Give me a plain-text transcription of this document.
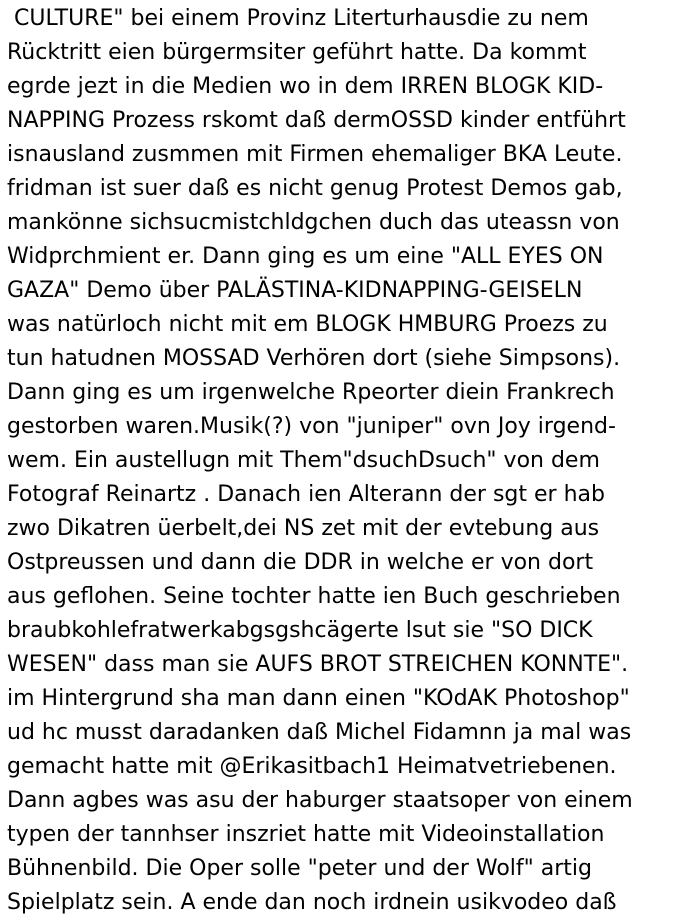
CULTURE" bei einem Provinz Literturhausdie zu nem
Rücktritt eien bürgermsiter geführt hatte. Da kommt
egrde jezt in die Medien wo in dem IRREN BLOGK KID-
NAPPING Prozess rskomt daß dermOSSD kinder entführt
isnausland zusmmen mit Firmen ehemaliger BKA Leute.
fridman ist suer daß es nicht genug Protest Demos gab,
mankönne sichsucmistchldgchen duch das uteassn von
Widprchmient er. Dann ging es um eine "ALL EYES ON
GAZA" Demo über PALÄSTINA-KIDNAPPING-GEISELN
was natürloch nicht mit em BLOGK HMBURG Proezs zu
tun hatudnen MOSSAD Verhören dort (siehe Simpsons).
Dann ging es um irgenwelche Rpeorter diein Frankrech
gestorben waren.Musik(?) von "juniper" ovn Joy irgend-
wem. Ein austellugn mit Them"dsuchDsuch" von dem
Fotograf Reinartz . Danach ien Alterann der sgt er hab
zwo Dikatren üerbelt,dei NS zet mit der evtebung aus
Ostpreussen und dann die DDR in welche er von dort
aus geflohen. Seine tochter hatte ien Buch geschrieben
braubkohlefratwerkabgsgshcägerte lsut sie "SO DICK
WESEN" dass man sie AUFS BROT STREICHEN KONNTE".
im Hintergrund sha man dann einen "KOdAK Photoshop"
ud hc musst daradanken daß Michel Fidamnn ja mal was
gemacht hatte mit @Erikasitbach1 Heimatvetriebenen.
Dann agbes was asu der haburger staatsoper von einem
typen der tannhser inszriet hatte mit Videoinstallation
Bühnenbild. Die Oper solle "peter und der Wolf" artig
Spielplatz sein. A ende dan noch irdnein usikvodeo daß
